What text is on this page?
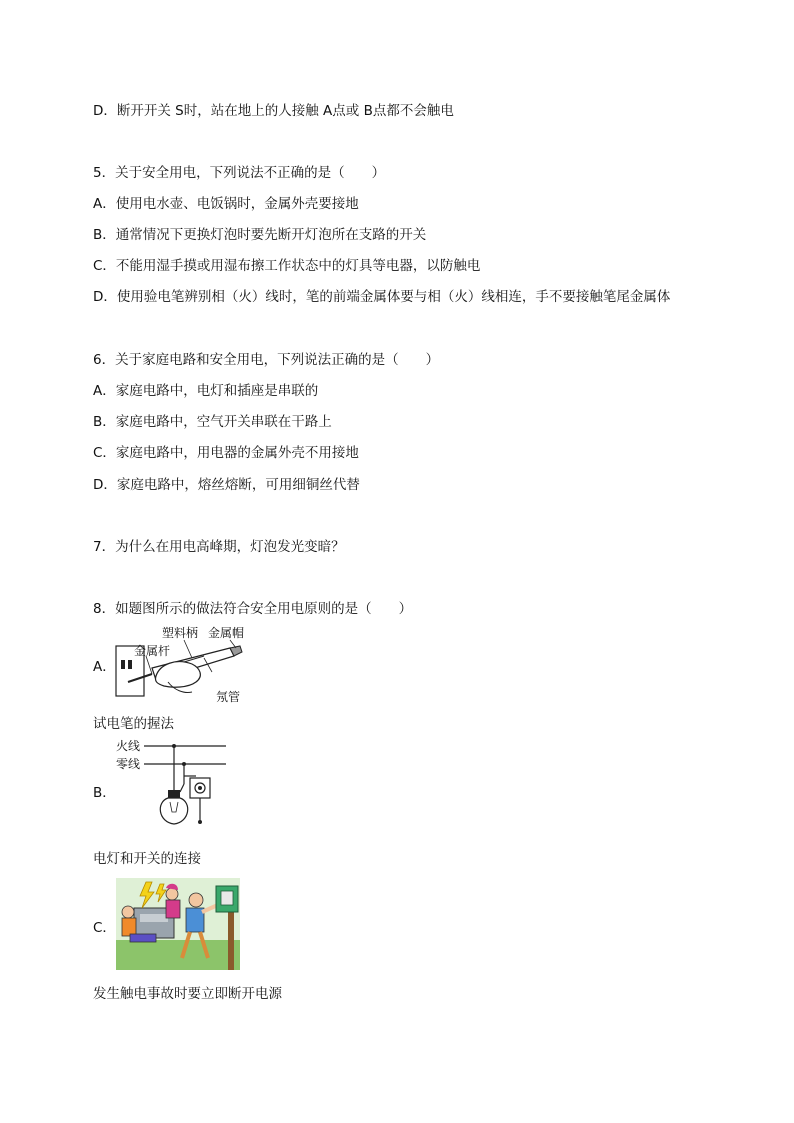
D．断开开关 S时，站在地上的人接触 A点或 B点都不会触电
5．关于安全用电，下列说法不正确的是（　　）
A．使用电水壶、电饭锅时，金属外壳要接地
B．通常情况下更换灯泡时要先断开灯泡所在支路的开关
C．不能用湿手摸或用湿布擦工作状态中的灯具等电器，以防触电
D．使用验电笔辨别相（火）线时，笔的前端金属体要与相（火）线相连，手不要接触笔尾金属体
6．关于家庭电路和安全用电，下列说法正确的是（　　）
A．家庭电路中，电灯和插座是串联的
B．家庭电路中，空气开关串联在干路上
C．家庭电路中，用电器的金属外壳不用接地
D．家庭电路中，熔丝熔断，可用细铜丝代替
7．为什么在用电高峰期，灯泡发光变暗？
8．如题图所示的做法符合安全用电原则的是（　　）
A．
塑料柄 金属帽
金属杆
氖管
试电笔的握法
B．
火线
零线
电灯和开关的连接
C．
发生触电事故时要立即断开电源
